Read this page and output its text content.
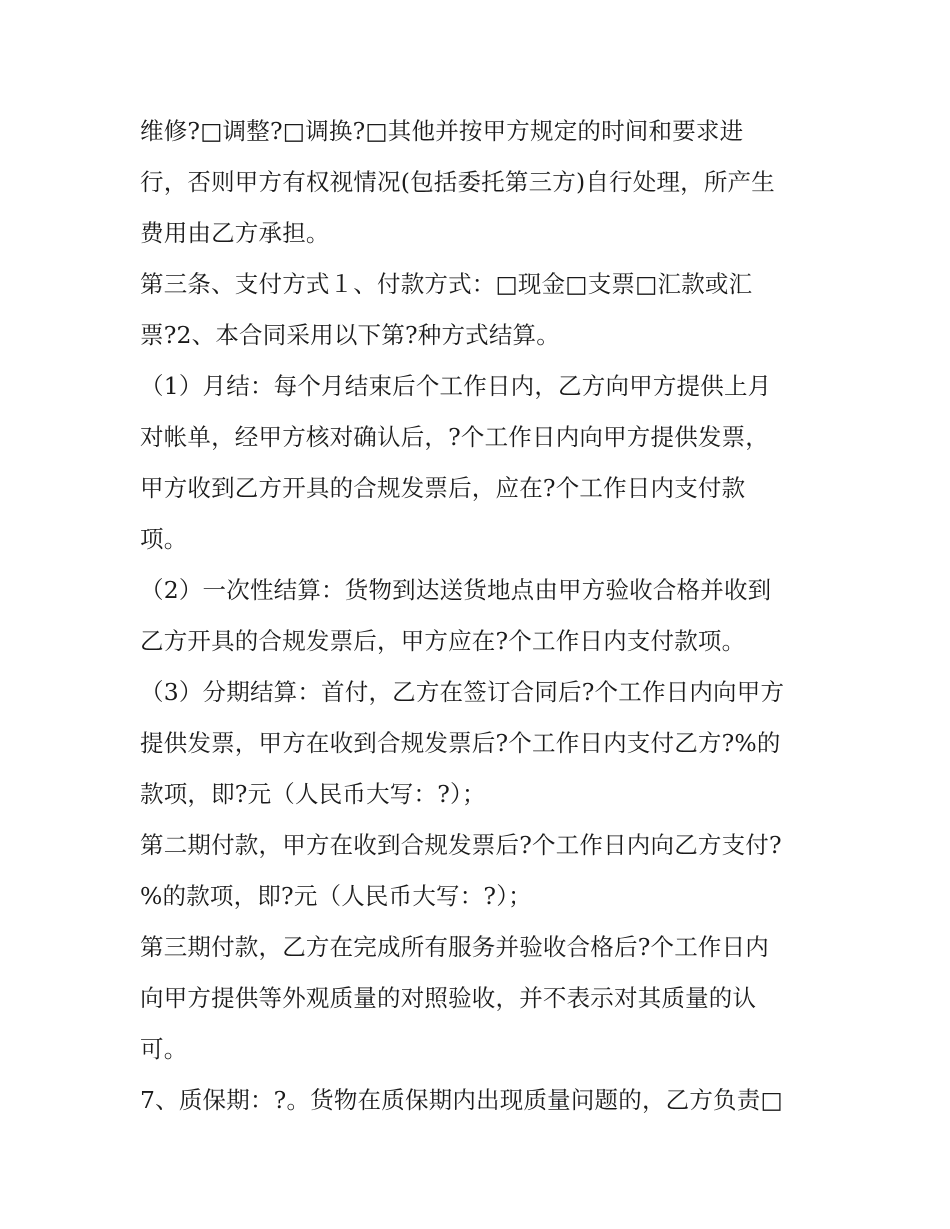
维修?□调整?□调换?□其他并按甲方规定的时间和要求进
行，否则甲方有权视情况(包括委托第三方)自行处理，所产生
费用由乙方承担。
第三条、支付方式１、付款方式：□现金□支票□汇款或汇
票?2、本合同采用以下第?种方式结算。
（1）月结：每个月结束后个工作日内，乙方向甲方提供上月
对帐单，经甲方核对确认后，?个工作日内向甲方提供发票，
甲方收到乙方开具的合规发票后，应在?个工作日内支付款
项。
（2）一次性结算：货物到达送货地点由甲方验收合格并收到
乙方开具的合规发票后，甲方应在?个工作日内支付款项。
（3）分期结算：首付，乙方在签订合同后?个工作日内向甲方
提供发票，甲方在收到合规发票后?个工作日内支付乙方?%的
款项，即?元（人民币大写：?）；
第二期付款，甲方在收到合规发票后?个工作日内向乙方支付?
%的款项，即?元（人民币大写：?）；
第三期付款，乙方在完成所有服务并验收合格后?个工作日内
向甲方提供等外观质量的对照验收，并不表示对其质量的认
可。
7、质保期：?。货物在质保期内出现质量问题的，乙方负责□
